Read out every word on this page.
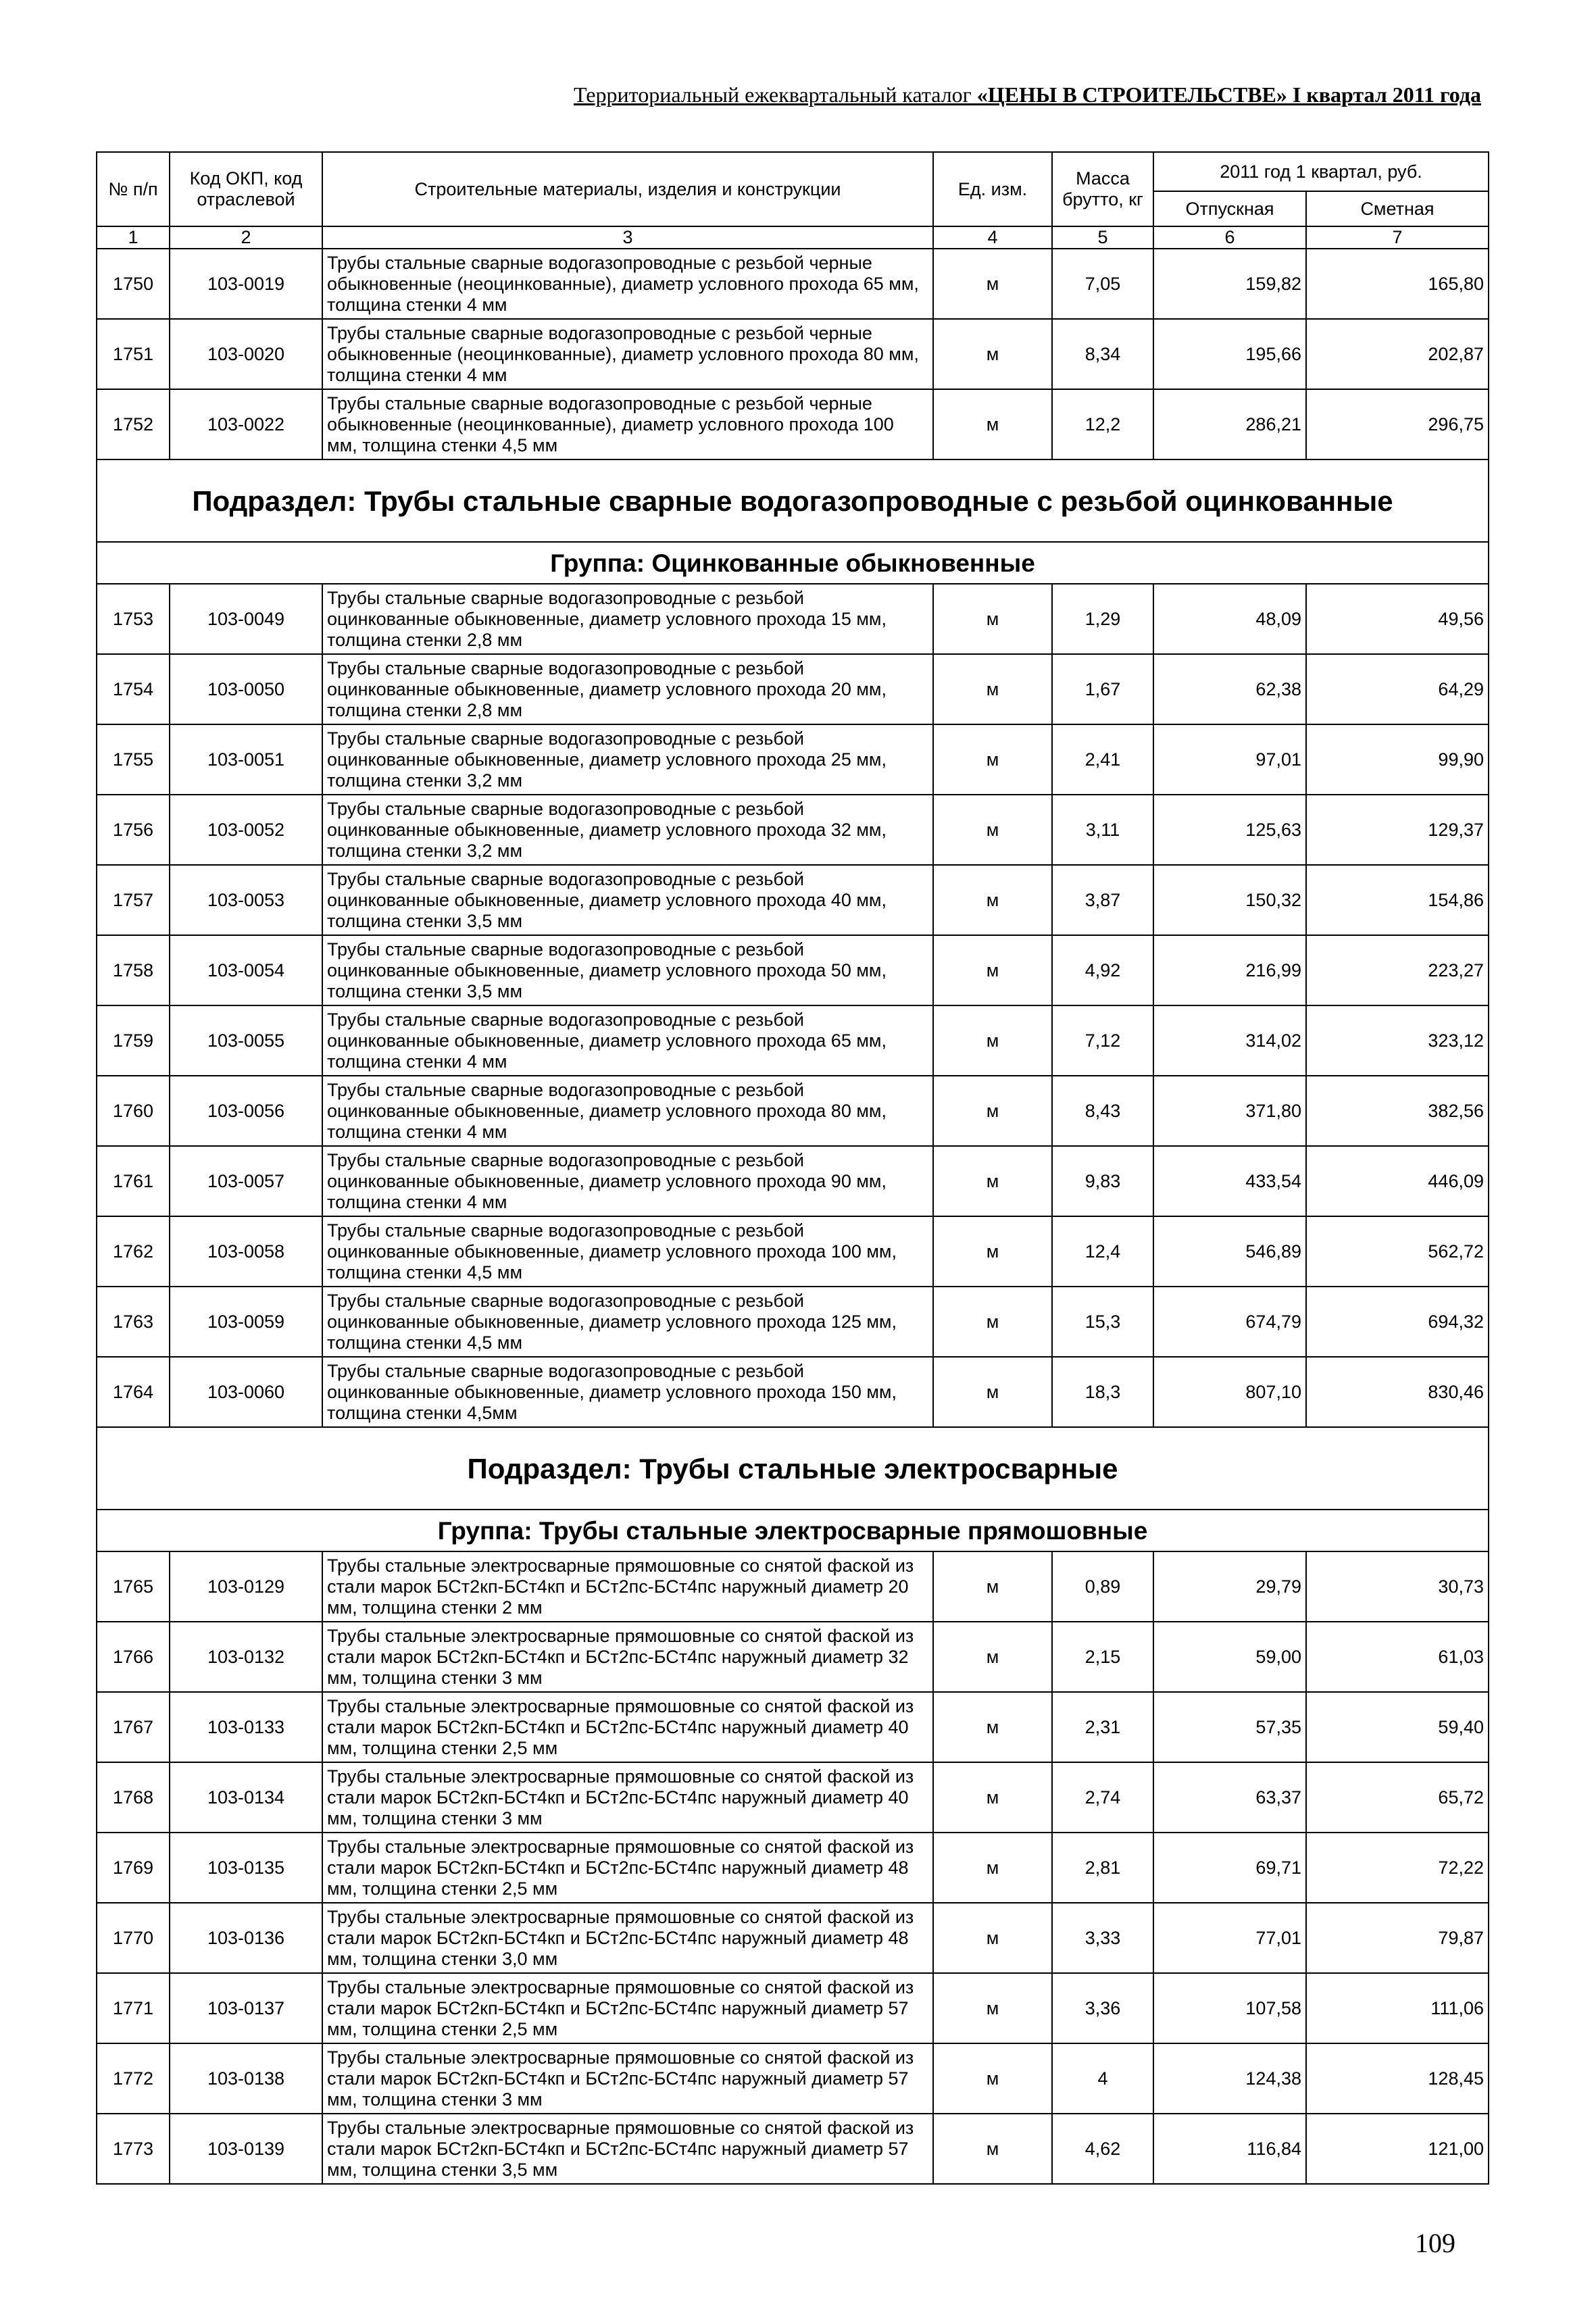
Территориальный ежеквартальный каталог «ЦЕНЫ В СТРОИТЕЛЬСТВЕ» I квартал 2011 года
№ п/п	Код ОКП, код отраслевой	Строительные материалы, изделия и конструкции	Ед. изм.	Масса брутто, кг	2011 год 1 квартал, руб.	
					Отпускная	Сметная
1	2	3	4	5	6	7
1750	103-0019	Трубы стальные сварные водогазопроводные с резьбой черные обыкновенные (неоцинкованные), диаметр условного прохода 65 мм, толщина стенки 4 мм	м	7,05	159,82	165,80
1751	103-0020	Трубы стальные сварные водогазопроводные с резьбой черные обыкновенные (неоцинкованные), диаметр условного прохода 80 мм, толщина стенки 4 мм	м	8,34	195,66	202,87
1752	103-0022	Трубы стальные сварные водогазопроводные с резьбой черные обыкновенные (неоцинкованные), диаметр условного прохода 100 мм, толщина стенки 4,5 мм	м	12,2	286,21	296,75
Подраздел: Трубы стальные сварные водогазопроводные с резьбой оцинкованные						
Группа: Оцинкованные обыкновенные						
1753	103-0049	Трубы стальные сварные водогазопроводные с резьбой оцинкованные обыкновенные, диаметр условного прохода 15 мм, толщина стенки 2,8 мм	м	1,29	48,09	49,56
1754	103-0050	Трубы стальные сварные водогазопроводные с резьбой оцинкованные обыкновенные, диаметр условного прохода 20 мм, толщина стенки 2,8 мм	м	1,67	62,38	64,29
1755	103-0051	Трубы стальные сварные водогазопроводные с резьбой оцинкованные обыкновенные, диаметр условного прохода 25 мм, толщина стенки 3,2 мм	м	2,41	97,01	99,90
1756	103-0052	Трубы стальные сварные водогазопроводные с резьбой оцинкованные обыкновенные, диаметр условного прохода 32 мм, толщина стенки 3,2 мм	м	3,11	125,63	129,37
1757	103-0053	Трубы стальные сварные водогазопроводные с резьбой оцинкованные обыкновенные, диаметр условного прохода 40 мм, толщина стенки 3,5 мм	м	3,87	150,32	154,86
1758	103-0054	Трубы стальные сварные водогазопроводные с резьбой оцинкованные обыкновенные, диаметр условного прохода 50 мм, толщина стенки 3,5 мм	м	4,92	216,99	223,27
1759	103-0055	Трубы стальные сварные водогазопроводные с резьбой оцинкованные обыкновенные, диаметр условного прохода 65 мм, толщина стенки 4 мм	м	7,12	314,02	323,12
1760	103-0056	Трубы стальные сварные водогазопроводные с резьбой оцинкованные обыкновенные, диаметр условного прохода 80 мм, толщина стенки 4 мм	м	8,43	371,80	382,56
1761	103-0057	Трубы стальные сварные водогазопроводные с резьбой оцинкованные обыкновенные, диаметр условного прохода 90 мм, толщина стенки 4 мм	м	9,83	433,54	446,09
1762	103-0058	Трубы стальные сварные водогазопроводные с резьбой оцинкованные обыкновенные, диаметр условного прохода 100 мм, толщина стенки 4,5 мм	м	12,4	546,89	562,72
1763	103-0059	Трубы стальные сварные водогазопроводные с резьбой оцинкованные обыкновенные, диаметр условного прохода 125 мм, толщина стенки 4,5 мм	м	15,3	674,79	694,32
1764	103-0060	Трубы стальные сварные водогазопроводные с резьбой оцинкованные обыкновенные, диаметр условного прохода 150 мм, толщина стенки 4,5мм	м	18,3	807,10	830,46
Подраздел: Трубы стальные электросварные						
Группа: Трубы стальные электросварные прямошовные						
1765	103-0129	Трубы стальные электросварные прямошовные со снятой фаской из стали марок БСт2кп-БСт4кп и БСт2пс-БСт4пс наружный диаметр 20 мм, толщина стенки 2 мм	м	0,89	29,79	30,73
1766	103-0132	Трубы стальные электросварные прямошовные со снятой фаской из стали марок БСт2кп-БСт4кп и БСт2пс-БСт4пс наружный диаметр 32 мм, толщина стенки 3 мм	м	2,15	59,00	61,03
1767	103-0133	Трубы стальные электросварные прямошовные со снятой фаской из стали марок БСт2кп-БСт4кп и БСт2пс-БСт4пс наружный диаметр 40 мм, толщина стенки 2,5 мм	м	2,31	57,35	59,40
1768	103-0134	Трубы стальные электросварные прямошовные со снятой фаской из стали марок БСт2кп-БСт4кп и БСт2пс-БСт4пс наружный диаметр 40 мм, толщина стенки 3 мм	м	2,74	63,37	65,72
1769	103-0135	Трубы стальные электросварные прямошовные со снятой фаской из стали марок БСт2кп-БСт4кп и БСт2пс-БСт4пс наружный диаметр 48 мм, толщина стенки 2,5 мм	м	2,81	69,71	72,22
1770	103-0136	Трубы стальные электросварные прямошовные со снятой фаской из стали марок БСт2кп-БСт4кп и БСт2пс-БСт4пс наружный диаметр 48 мм, толщина стенки 3,0 мм	м	3,33	77,01	79,87
1771	103-0137	Трубы стальные электросварные прямошовные со снятой фаской из стали марок БСт2кп-БСт4кп и БСт2пс-БСт4пс наружный диаметр 57 мм, толщина стенки 2,5 мм	м	3,36	107,58	111,06
1772	103-0138	Трубы стальные электросварные прямошовные со снятой фаской из стали марок БСт2кп-БСт4кп и БСт2пс-БСт4пс наружный диаметр 57 мм, толщина стенки 3 мм	м	4	124,38	128,45
1773	103-0139	Трубы стальные электросварные прямошовные со снятой фаской из стали марок БСт2кп-БСт4кп и БСт2пс-БСт4пс наружный диаметр 57 мм, толщина стенки 3,5 мм	м	4,62	116,84	121,00
109
